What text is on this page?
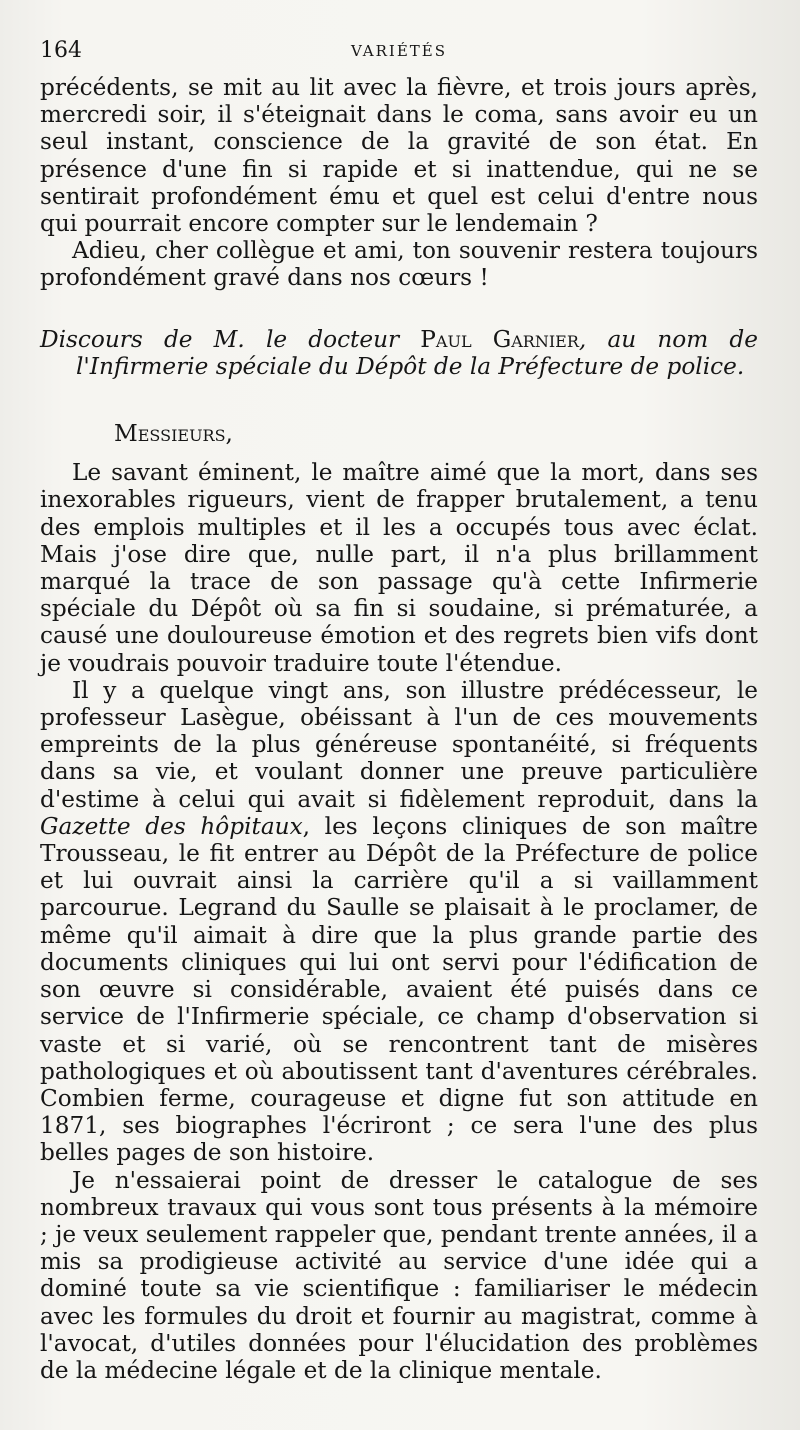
164	VARIÉTÉS

précédents, se mit au lit avec la fièvre, et trois jours après, mercredi soir, il s'éteignait dans le coma, sans avoir eu un seul instant, conscience de la gravité de son état. En présence d'une fin si rapide et si inattendue, qui ne se sentirait profondément ému et quel est celui d'entre nous qui pourrait encore compter sur le lendemain ?

Adieu, cher collègue et ami, ton souvenir restera toujours profondément gravé dans nos cœurs !

Discours de M. le docteur Paul Garnier, au nom de l'Infirmerie spéciale du Dépôt de la Préfecture de police.

Messieurs,

Le savant éminent, le maître aimé que la mort, dans ses inexorables rigueurs, vient de frapper brutalement, a tenu des emplois multiples et il les a occupés tous avec éclat. Mais j'ose dire que, nulle part, il n'a plus brillamment marqué la trace de son passage qu'à cette Infirmerie spéciale du Dépôt où sa fin si soudaine, si prématurée, a causé une douloureuse émotion et des regrets bien vifs dont je voudrais pouvoir traduire toute l'étendue.

Il y a quelque vingt ans, son illustre prédécesseur, le professeur Lasègue, obéissant à l'un de ces mouvements empreints de la plus généreuse spontanéité, si fréquents dans sa vie, et voulant donner une preuve particulière d'estime à celui qui avait si fidèlement reproduit, dans la Gazette des hôpitaux, les leçons cliniques de son maître Trousseau, le fit entrer au Dépôt de la Préfecture de police et lui ouvrait ainsi la carrière qu'il a si vaillamment parcourue. Legrand du Saulle se plaisait à le proclamer, de même qu'il aimait à dire que la plus grande partie des documents cliniques qui lui ont servi pour l'édification de son œuvre si considérable, avaient été puisés dans ce service de l'Infirmerie spéciale, ce champ d'observation si vaste et si varié, où se rencontrent tant de misères pathologiques et où aboutissent tant d'aventures cérébrales. Combien ferme, courageuse et digne fut son attitude en 1871, ses biographes l'écriront ; ce sera l'une des plus belles pages de son histoire.

Je n'essaierai point de dresser le catalogue de ses nombreux travaux qui vous sont tous présents à la mémoire ; je veux seulement rappeler que, pendant trente années, il a mis sa prodigieuse activité au service d'une idée qui a dominé toute sa vie scientifique : familiariser le médecin avec les formules du droit et fournir au magistrat, comme à l'avocat, d'utiles données pour l'élucidation des problèmes de la médecine légale et de la clinique mentale.
